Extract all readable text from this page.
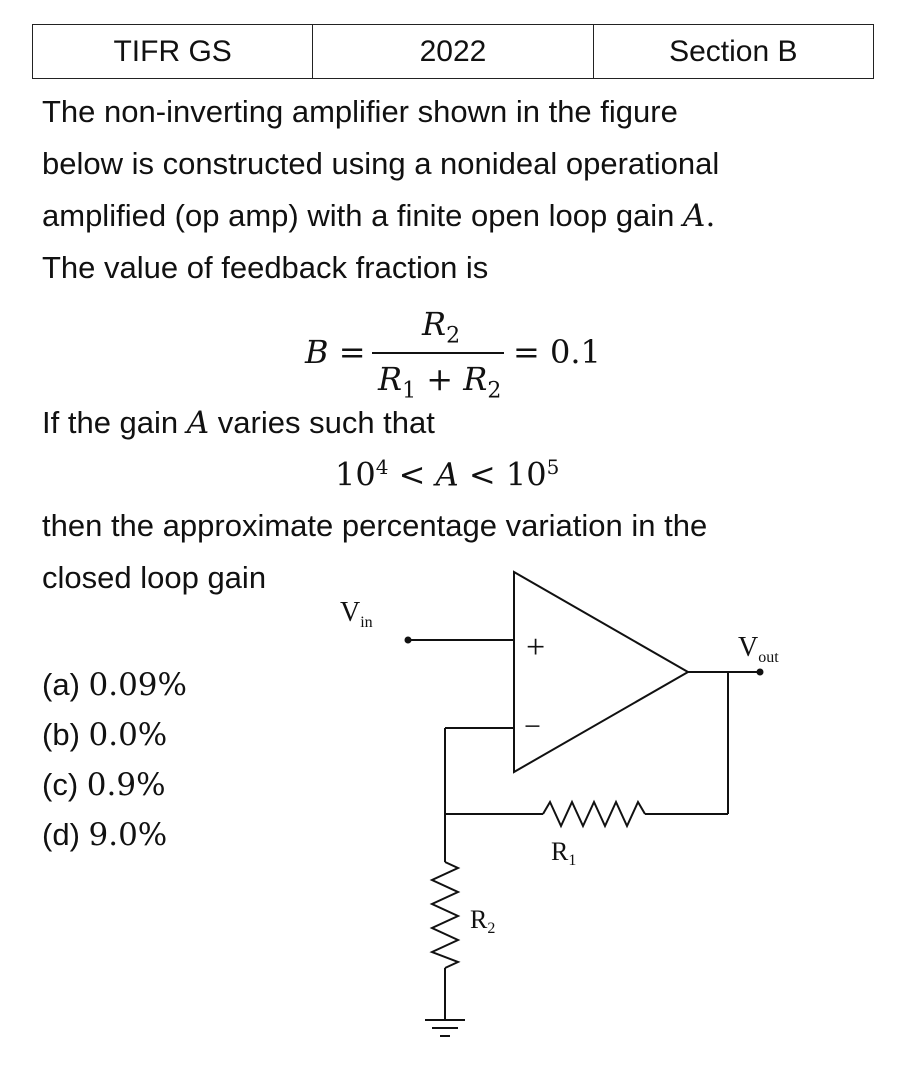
TIFR GS	2022	Section B
The non-inverting amplifier shown in the figure
below is constructed using a nonideal operational
amplified (op amp) with a finite open loop gain A.
The value of feedback fraction is
B =
$R_2$
$R_1 + R_2$
= 0.1
If the gain A varies such that
$10^4 < A < 10^5$
then the approximate percentage variation in the
closed loop gain
(a) 0.09%
(b) 0.0%
(c) 0.9%
(d) 9.0%
+
−
$V_{in}$
$V_{out}$
R1
R2
